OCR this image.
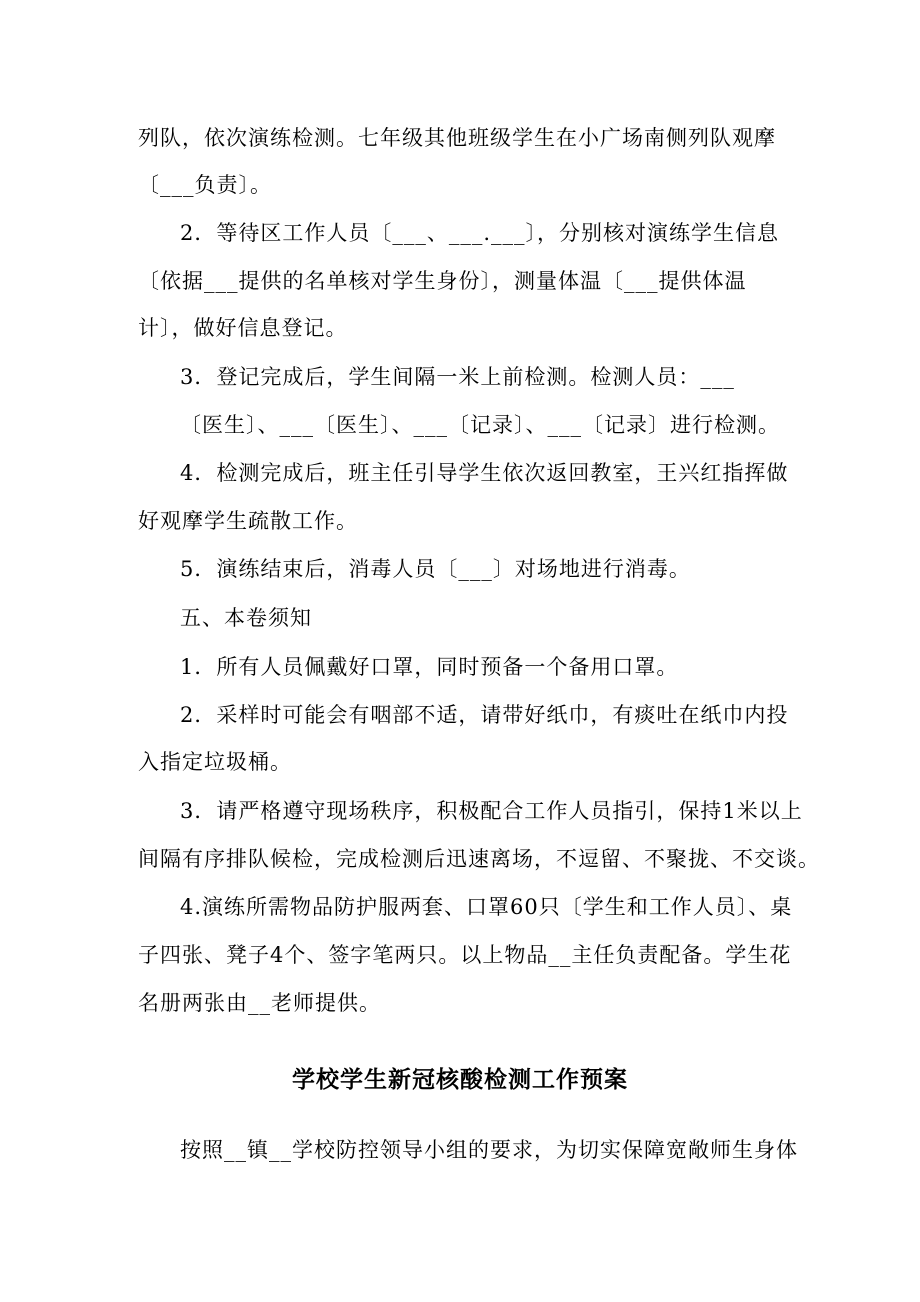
列队，依次演练检测。七年级其他班级学生在小广场南侧列队观摩
〔___负责〕。
2．等待区工作人员〔___、___.___〕，分别核对演练学生信息
〔依据___提供的名单核对学生身份〕，测量体温〔___提供体温
计〕，做好信息登记。
3．登记完成后，学生间隔一米上前检测。检测人员：___
〔医生〕、___〔医生〕、___〔记录〕、___〔记录〕进行检测。
4．检测完成后，班主任引导学生依次返回教室，王兴红指挥做
好观摩学生疏散工作。
5．演练结束后，消毒人员〔___〕对场地进行消毒。
五、本卷须知
1．所有人员佩戴好口罩，同时预备一个备用口罩。
2．采样时可能会有咽部不适，请带好纸巾，有痰吐在纸巾内投
入指定垃圾桶。
3．请严格遵守现场秩序，积极配合工作人员指引，保持1米以上
间隔有序排队候检，完成检测后迅速离场，不逗留、不聚拢、不交谈。
4.演练所需物品防护服两套、口罩60只〔学生和工作人员〕、桌
子四张、凳子4个、签字笔两只。以上物品__主任负责配备。学生花
名册两张由__老师提供。
学校学生新冠核酸检测工作预案
按照__镇__学校防控领导小组的要求，为切实保障宽敞师生身体
